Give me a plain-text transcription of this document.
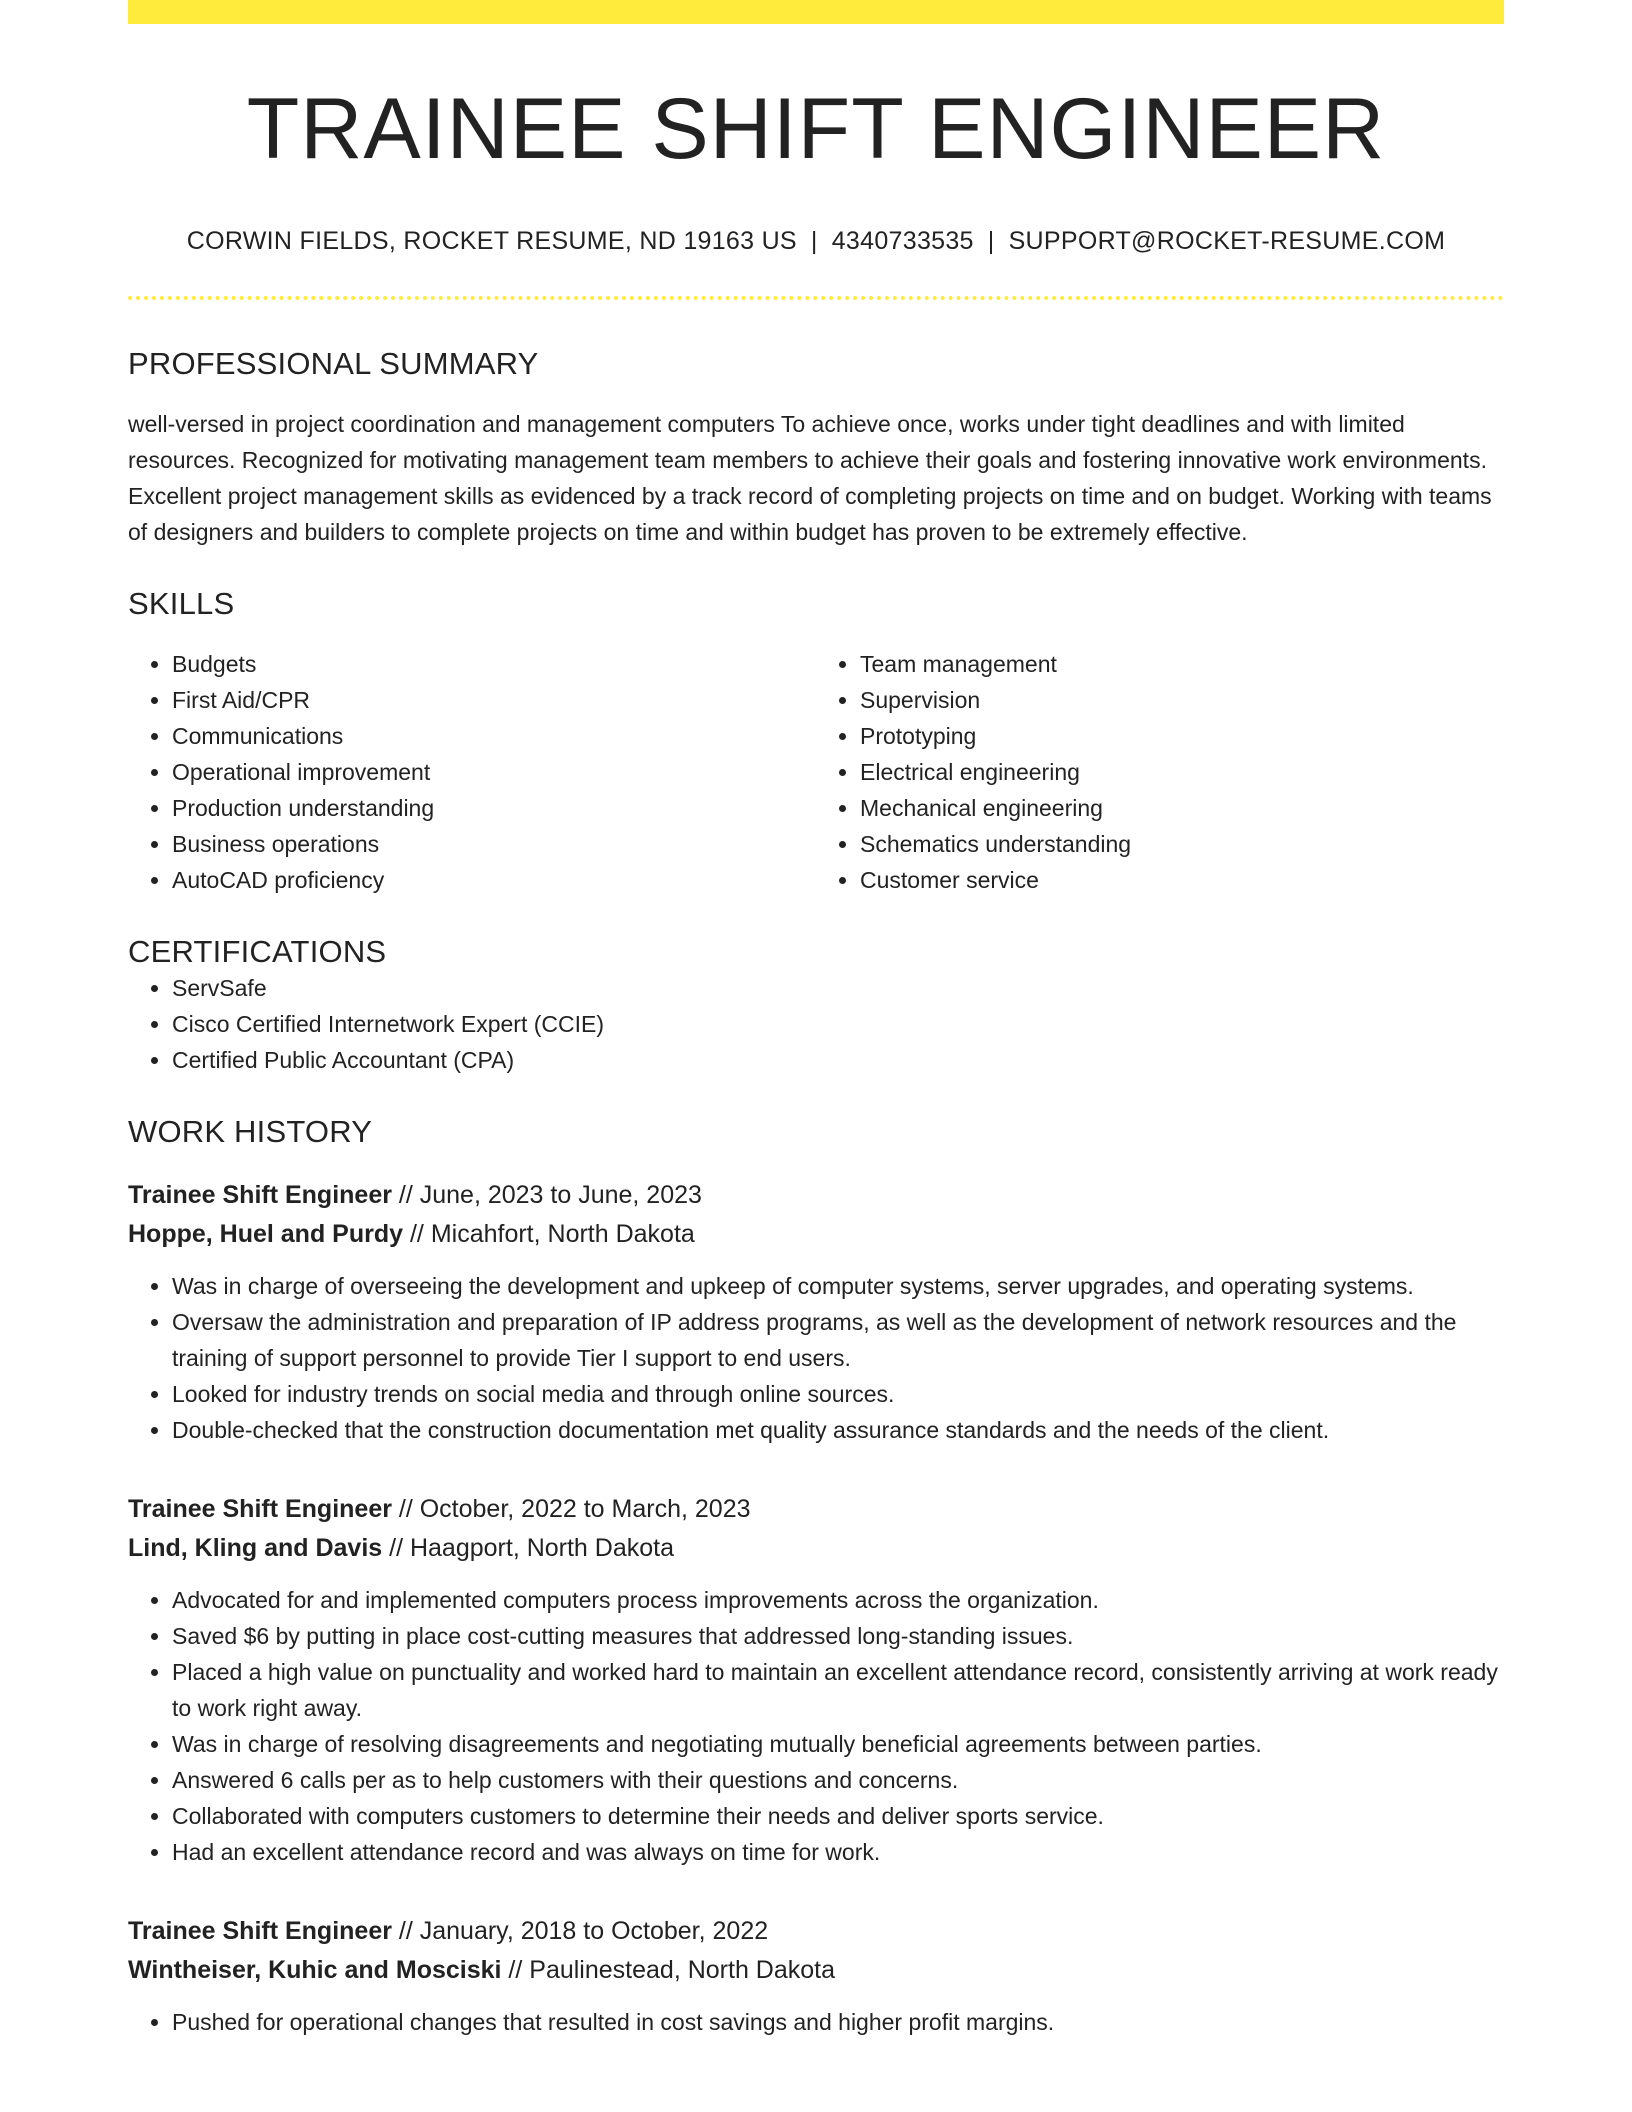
TRAINEE SHIFT ENGINEER
CORWIN FIELDS, ROCKET RESUME, ND 19163 US | 4340733535 | SUPPORT@ROCKET-RESUME.COM
PROFESSIONAL SUMMARY
well-versed in project coordination and management computers To achieve once, works under tight deadlines and with limited resources. Recognized for motivating management team members to achieve their goals and fostering innovative work environments. Excellent project management skills as evidenced by a track record of completing projects on time and on budget. Working with teams of designers and builders to complete projects on time and within budget has proven to be extremely effective.
SKILLS
• Budgets
• First Aid/CPR
• Communications
• Operational improvement
• Production understanding
• Business operations
• AutoCAD proficiency
• Team management
• Supervision
• Prototyping
• Electrical engineering
• Mechanical engineering
• Schematics understanding
• Customer service
CERTIFICATIONS
• ServSafe
• Cisco Certified Internetwork Expert (CCIE)
• Certified Public Accountant (CPA)
WORK HISTORY
Trainee Shift Engineer // June, 2023 to June, 2023
Hoppe, Huel and Purdy // Micahfort, North Dakota
• Was in charge of overseeing the development and upkeep of computer systems, server upgrades, and operating systems.
• Oversaw the administration and preparation of IP address programs, as well as the development of network resources and the training of support personnel to provide Tier I support to end users.
• Looked for industry trends on social media and through online sources.
• Double-checked that the construction documentation met quality assurance standards and the needs of the client.
Trainee Shift Engineer // October, 2022 to March, 2023
Lind, Kling and Davis // Haagport, North Dakota
• Advocated for and implemented computers process improvements across the organization.
• Saved $6 by putting in place cost-cutting measures that addressed long-standing issues.
• Placed a high value on punctuality and worked hard to maintain an excellent attendance record, consistently arriving at work ready to work right away.
• Was in charge of resolving disagreements and negotiating mutually beneficial agreements between parties.
• Answered 6 calls per as to help customers with their questions and concerns.
• Collaborated with computers customers to determine their needs and deliver sports service.
• Had an excellent attendance record and was always on time for work.
Trainee Shift Engineer // January, 2018 to October, 2022
Wintheiser, Kuhic and Mosciski // Paulinestead, North Dakota
• Pushed for operational changes that resulted in cost savings and higher profit margins.
